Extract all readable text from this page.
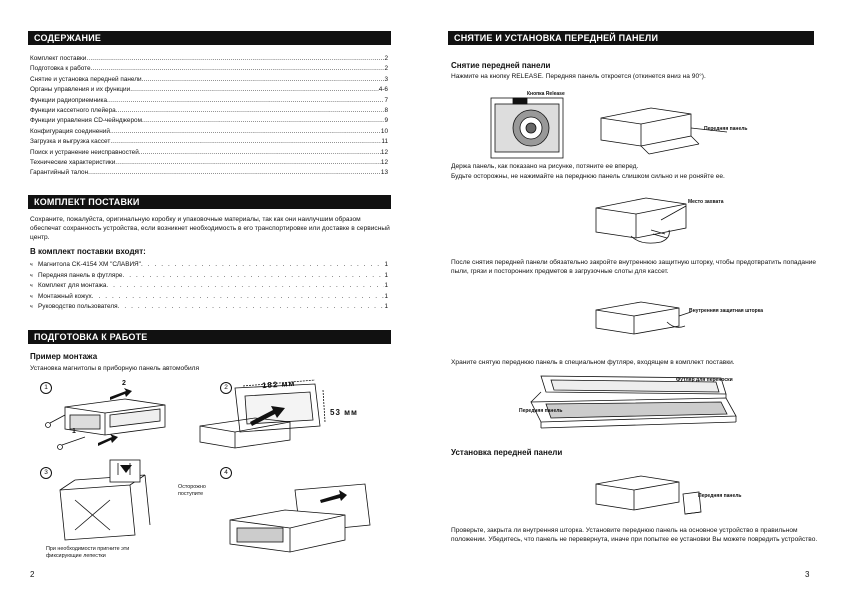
СОДЕРЖАНИЕ
Комплект поставки .....	2
Подготовка к работе .....	2
Снятие и установка передней панели .....	3
Органы управления и их функции .....	4-6
Функции радиоприемника .....	7
Функции кассетного плейера .....	8
Функции управления CD-чейнджером .....	9
Конфигурация соединений .....	10
Загрузка и выгрузка кассет .....	11
Поиск и устранение неисправностей .....	12
Технические характеристики .....	12
Гарантийный талон .....	13
КОМПЛЕКТ ПОСТАВКИ
Сохраните, пожалуйста, оригинальную коробку и упаковочные материалы, так как они наилучшим образом обеспечат сохранность устройства, если возникнет необходимость в его транспортировке или доставке в сервисный центр.
В комплект поставки входят:
ч Магнитола CK-4154 ХМ "СЛАВИЯ" . . .	1
ч Передняя панель в футляре . . .	1
ч Комплект для монтажа . . .	1
ч Монтажный кожух . . .	1
ч Руководство пользователя . . .	1
ПОДГОТОВКА К РАБОТЕ
Пример монтажа
Установка магнитолы в приборную панель автомобиля
1	2
3	4
2
1
182 мм
53 мм
Осторожно поступите
При необходимости пригните эти фиксирующие лепестки
2
СНЯТИЕ И УСТАНОВКА ПЕРЕДНЕЙ ПАНЕЛИ
Снятие передней панели
Нажмите на кнопку RELEASE. Передняя панель откроется (откинется вниз на 90°).
Кнопка Release
Передняя панель
Держа панель, как показано на рисунке, потяните ее вперед.
Будьте осторожны, не нажимайте на переднюю панель слишком сильно и не роняйте ее.
Место захвата
После снятия передней панели обязательно закройте внутреннюю защитную шторку, чтобы предотвратить попадание пыли, грязи и посторонних предметов в загрузочные слоты для кассет.
Внутренняя защитная шторка
Храните снятую переднюю панель в специальном футляре, входящем в комплект поставки.
Футляр для переноски
Передняя панель
Установка передней панели
Передняя панель
Проверьте, закрыта ли внутренняя шторка. Установите переднюю панель на основное устройство в правильном положении. Убедитесь, что панель не перевернута, иначе при попытке ее установки Вы можете повредить устройство.
3
